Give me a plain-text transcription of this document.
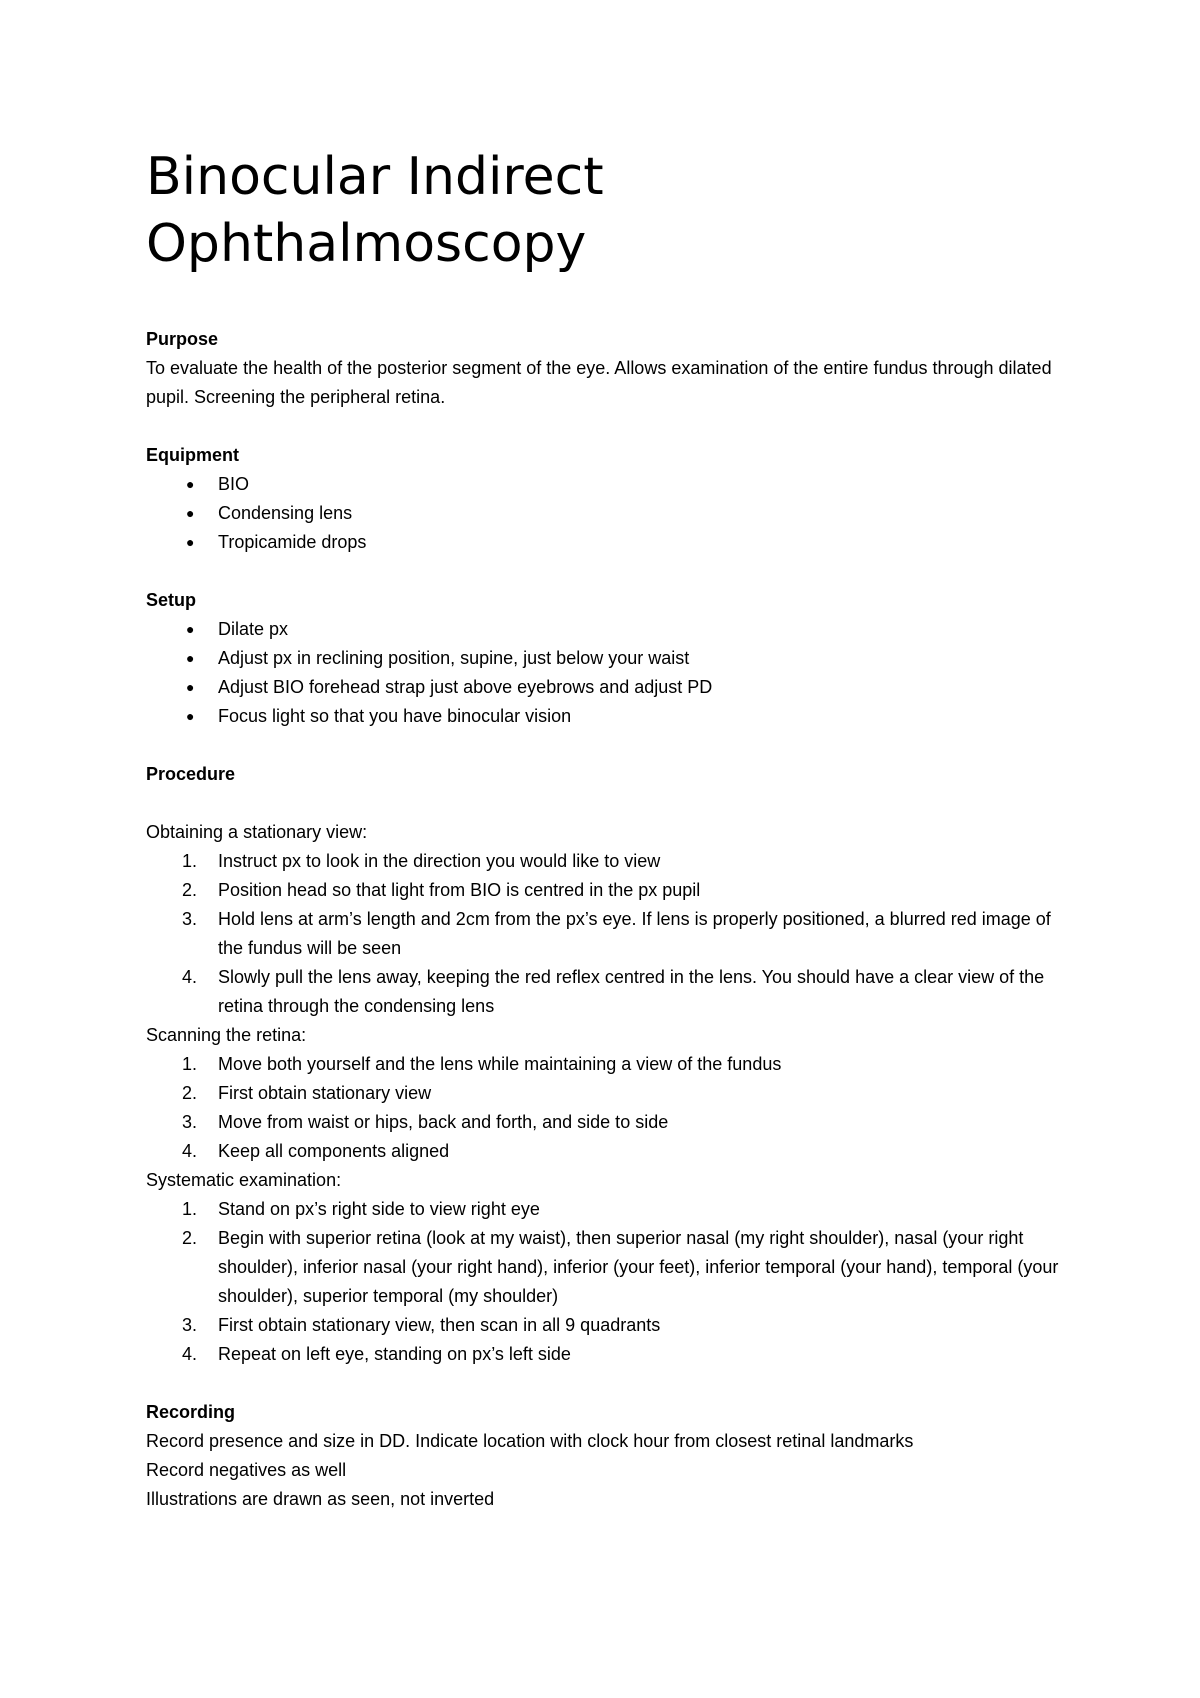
Binocular Indirect
Ophthalmoscopy
Purpose

To evaluate the health of the posterior segment of the eye. Allows examination of the entire fundus through dilated pupil. Screening the peripheral retina.

Equipment
● BIO
● Condensing lens
● Tropicamide drops
Setup
● Dilate px
● Adjust px in reclining position, supine, just below your waist
● Adjust BIO forehead strap just above eyebrows and adjust PD
● Focus light so that you have binocular vision
Procedure
Obtaining a stationary view:
1. Instruct px to look in the direction you would like to view
2. Position head so that light from BIO is centred in the px pupil
3. Hold lens at arm’s length and 2cm from the px’s eye. If lens is properly positioned, a blurred red image of the fundus will be seen
4. Slowly pull the lens away, keeping the red reflex centred in the lens. You should have a clear view of the retina through the condensing lens
Scanning the retina:
1. Move both yourself and the lens while maintaining a view of the fundus
2. First obtain stationary view
3. Move from waist or hips, back and forth, and side to side
4. Keep all components aligned
Systematic examination:
1. Stand on px’s right side to view right eye
2. Begin with superior retina (look at my waist), then superior nasal (my right shoulder), nasal (your right shoulder), inferior nasal (your right hand), inferior (your feet), inferior temporal (your hand), temporal (your shoulder), superior temporal (my shoulder)
3. First obtain stationary view, then scan in all 9 quadrants
4. Repeat on left eye, standing on px’s left side
Recording
Record presence and size in DD. Indicate location with clock hour from closest retinal landmarks
Record negatives as well
Illustrations are drawn as seen, not inverted
